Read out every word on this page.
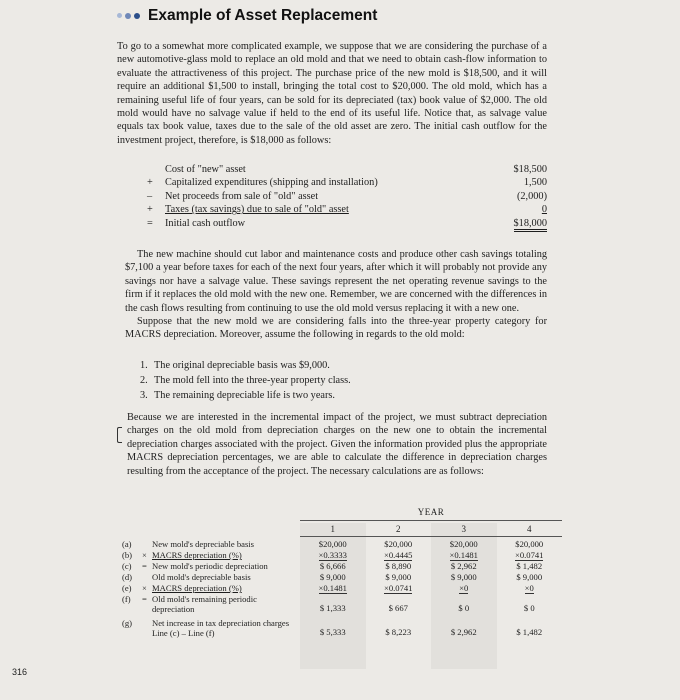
Example of Asset Replacement
To go to a somewhat more complicated example, we suppose that we are considering the purchase of a new automotive-glass mold to replace an old mold and that we need to obtain cash-flow information to evaluate the attractiveness of this project. The purchase price of the new mold is $18,500, and it will require an additional $1,500 to install, bringing the total cost to $20,000. The old mold, which has a remaining useful life of four years, can be sold for its depreciated (tax) book value of $2,000. The old mold would have no salvage value if held to the end of its useful life. Notice that, as salvage value equals tax book value, taxes due to the sale of the old asset are zero. The initial cash outflow for the investment project, therefore, is $18,000 as follows:
Cost of "new" asset	$18,500
+	Capitalized expenditures (shipping and installation)	1,500
–	Net proceeds from sale of "old" asset	(2,000)
+	Taxes (tax savings) due to sale of "old" asset	0
=	Initial cash outflow	$18,000
The new machine should cut labor and maintenance costs and produce other cash savings totaling $7,100 a year before taxes for each of the next four years, after which it will probably not provide any savings nor have a salvage value. These savings represent the net operating revenue savings to the firm if it replaces the old mold with the new one. Remember, we are concerned with the differences in the cash flows resulting from continuing to use the old mold versus replacing it with a new one.
Suppose that the new mold we are considering falls into the three-year property category for MACRS depreciation. Moreover, assume the following in regards to the old mold:
1. The original depreciable basis was $9,000.
2. The mold fell into the three-year property class.
3. The remaining depreciable life is two years.
Because we are interested in the incremental impact of the project, we must subtract depreciation charges on the old mold from depreciation charges on the new one to obtain the incremental depreciation charges associated with the project. Given the information provided plus the appropriate MACRS depreciation percentages, we are able to calculate the difference in depreciation charges resulting from the acceptance of the project. The necessary calculations are as follows:
YEAR
1	2	3	4
(a)	New mold's depreciable basis	$20,000	$20,000	$20,000	$20,000
(b)	× MACRS depreciation (%)	×0.3333	×0.4445	×0.1481	×0.0741
(c)	= New mold's periodic depreciation	$ 6,666	$ 8,890	$ 2,962	$ 1,482
(d)	Old mold's depreciable basis	$ 9,000	$ 9,000	$ 9,000	$ 9,000
(e)	× MACRS depreciation (%)	×0.1481	×0.0741	×0	×0
(f)	= Old mold's remaining periodic depreciation	$ 1,333	$ 667	$ 0	$ 0
(g)	Net increase in tax depreciation charges Line (c) – Line (f)	$ 5,333	$ 8,223	$ 2,962	$ 1,482
316
